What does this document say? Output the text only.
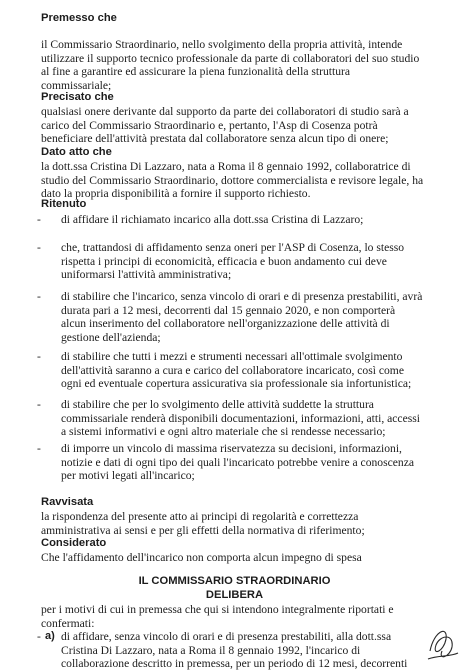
Premesso che
il Commissario Straordinario, nello svolgimento della propria attività, intende
utilizzare il supporto tecnico professionale da parte di collaboratori del suo studio
al fine a garantire ed assicurare la piena funzionalità della struttura
commissariale;
Precisato che
qualsiasi onere derivante dal supporto da parte dei collaboratori di studio sarà a
carico del Commissario Straordinario e, pertanto, l'Asp di Cosenza potrà
beneficiare dell'attività prestata dal collaboratore senza alcun tipo di onere;
Dato atto che
la dott.ssa Cristina Di Lazzaro, nata a Roma il 8 gennaio 1992, collaboratrice di
studio del Commissario Straordinario, dottore commercialista e revisore legale, ha
dato la propria disponibilità a fornire il supporto richiesto.
Ritenuto
-	di affidare il richiamato incarico alla dott.ssa Cristina di Lazzaro;
-	che, trattandosi di affidamento senza oneri per l'ASP di Cosenza, lo stesso
rispetta i principi di economicità, efficacia e buon andamento cui deve
uniformarsi l'attività amministrativa;
-	di stabilire che l'incarico, senza vincolo di orari e di presenza prestabiliti, avrà
durata pari a 12 mesi, decorrenti dal 15 gennaio 2020, e non comporterà
alcun inserimento del collaboratore nell'organizzazione delle attività di
gestione dell'azienda;
-	di stabilire che tutti i mezzi e strumenti necessari all'ottimale svolgimento
dell'attività saranno a cura e carico del collaboratore incaricato, così come
ogni ed eventuale copertura assicurativa sia professionale sia infortunistica;
-	di stabilire che per lo svolgimento delle attività suddette la struttura
commissariale renderà disponibili documentazioni, informazioni, atti, accessi
a sistemi informativi e ogni altro materiale che si rendesse necessario;
-	di imporre un vincolo di massima riservatezza su decisioni, informazioni,
notizie e dati di ogni tipo dei quali l'incaricato potrebbe venire a conoscenza
per motivi legati all'incarico;
Ravvisata
la rispondenza del presente atto ai principi di regolarità e correttezza
amministrativa ai sensi e per gli effetti della normativa di riferimento;
Considerato
Che l'affidamento dell'incarico non comporta alcun impegno di spesa
IL COMMISSARIO STRAORDINARIO
DELIBERA
per i motivi di cui in premessa che qui si intendono integralmente riportati e
confermati:
- a) di affidare, senza vincolo di orari e di presenza prestabiliti, alla dott.ssa
Cristina Di Lazzaro, nata a Roma il 8 gennaio 1992, l'incarico di
collaborazione descritto in premessa, per un periodo di 12 mesi, decorrenti
